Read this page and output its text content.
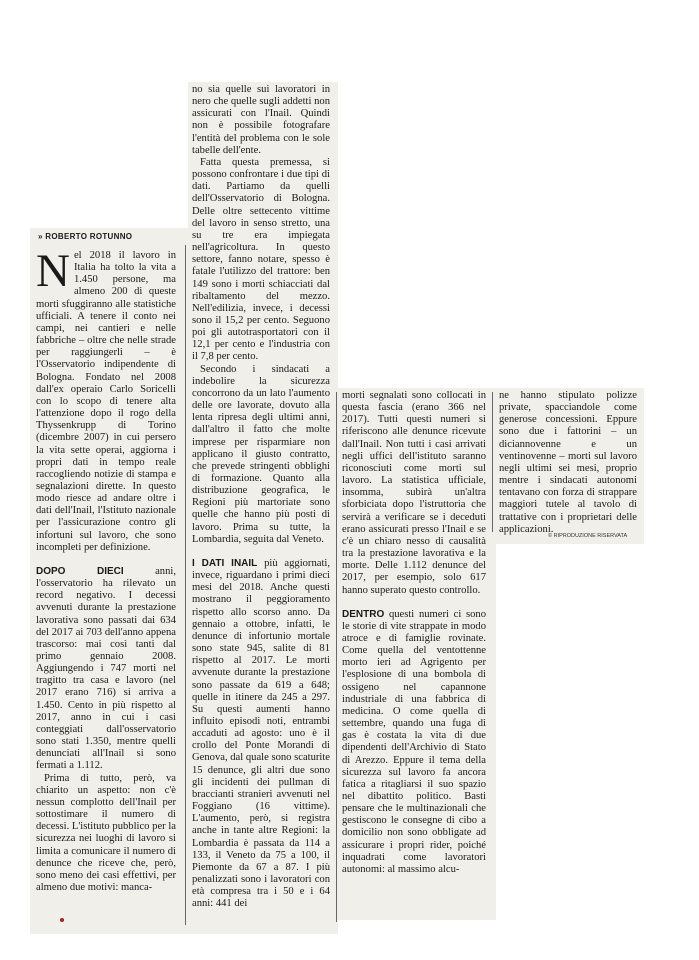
» ROBERTO ROTUNNO

Nel 2018 il lavoro in Italia ha tolto la vita a 1.450 persone, ma almeno 200 di queste morti sfuggiranno alle statistiche ufficiali. A tenere il conto nei campi, nei cantieri e nelle fabbriche – oltre che nelle strade per raggiungerli – è l'Osservatorio indipendente di Bologna. Fondato nel 2008 dall'ex operaio Carlo Soricelli con lo scopo di tenere alta l'attenzione dopo il rogo della Thyssenkrupp di Torino (dicembre 2007) in cui persero la vita sette operai, aggiorna i propri dati in tempo reale raccogliendo notizie di stampa e segnalazioni dirette. In questo modo riesce ad andare oltre i dati dell'Inail, l'Istituto nazionale per l'assicurazione contro gli infortuni sul lavoro, che sono incompleti per definizione.

DOPO DIECI	anni, l'osservatorio ha rilevato un record negativo. I decessi avvenuti durante la prestazione lavorativa sono passati dai 634 del 2017 ai 703 dell'anno appena trascorso: mai così tanti dal primo gennaio 2008. Aggiungendo i 747 morti nel tragitto tra casa e lavoro (nel 2017 erano 716) si arriva a 1.450. Cento in più rispetto al 2017, anno in cui i casi conteggiati dall'osservatorio sono stati 1.350, mentre quelli denunciati all'Inail si sono fermati a 1.112.

Prima di tutto, però, va chiarito un aspetto: non c'è nessun complotto dell'Inail per sottostimare il numero di decessi. L'istituto pubblico per la sicurezza nei luoghi di lavoro si limita a comunicare il numero di denunce che riceve che, però, sono meno dei casi effettivi, per almeno due motivi: manca-

no sia quelle sui lavoratori in nero che quelle sugli addetti non assicurati con l'Inail. Quindi non è possibile fotografare l'entità del problema con le sole tabelle dell'ente.

Fatta questa premessa, si possono confrontare i due tipi di dati. Partiamo da quelli dell'Osservatorio di Bologna. Delle oltre settecento vittime del lavoro in senso stretto, una su tre era impiegata nell'agricoltura. In questo settore, fanno notare, spesso è fatale l'utilizzo del trattore: ben 149 sono i morti schiacciati dal ribaltamento del mezzo. Nell'edilizia, invece, i decessi sono il 15,2 per cento. Seguono poi gli autotrasportatori con il 12,1 per cento e l'industria con il 7,8 per cento.

Secondo i sindacati a indebolire la sicurezza concorrono da un lato l'aumento delle ore lavorate, dovuto alla lenta ripresa degli ultimi anni, dall'altro il fatto che molte imprese per risparmiare non applicano il giusto contratto, che prevede stringenti obblighi di formazione. Quanto alla distribuzione geografica, le Regioni più martoriate sono quelle che hanno più posti di lavoro. Prima su tutte, la Lombardia, seguita dal Veneto.

I DATI INAIL più aggiornati, invece, riguardano i primi dieci mesi del 2018. Anche questi mostrano il peggioramento rispetto allo scorso anno. Da gennaio a ottobre, infatti, le denunce di infortunio mortale sono state 945, salite di 81 rispetto al 2017. Le morti avvenute durante la prestazione sono passate da 619 a 648; quelle in itinere da 245 a 297. Su questi aumenti hanno influito episodi noti, entrambi accaduti ad agosto: uno è il crollo del Ponte Morandi di Genova, dal quale sono scaturite 15 denunce, gli altri due sono gli incidenti dei pullman di braccianti stranieri avvenuti nel Foggiano (16 vittime). L'aumento, però, si registra anche in tante altre Regioni: la Lombardia è passata da 114 a 133, il Veneto da 75 a 100, il Piemonte da 67 a 87. I più penalizzati sono i lavoratori con età compresa tra i 50 e i 64 anni: 441 dei

morti segnalati sono collocati in questa fascia (erano 366 nel 2017). Tutti questi numeri si riferiscono alle denunce ricevute dall'Inail. Non tutti i casi arrivati negli uffici dell'istituto saranno riconosciuti come morti sul lavoro. La statistica ufficiale, insomma, subirà un'altra sforbiciata dopo l'istruttoria che servirà a verificare se i deceduti erano assicurati presso l'Inail e se c'è un chiaro nesso di causalità tra la prestazione lavorativa e la morte. Delle 1.112 denunce del 2017, per esempio, solo 617 hanno superato questo controllo.

DENTRO questi numeri ci sono le storie di vite strappate in modo atroce e di famiglie rovinate. Come quella del ventottenne morto ieri ad Agrigento per l'esplosione di una bombola di ossigeno nel capannone industriale di una fabbrica di medicina. O come quella di settembre, quando una fuga di gas è costata la vita di due dipendenti dell'Archivio di Stato di Arezzo. Eppure il tema della sicurezza sul lavoro fa ancora fatica a ritagliarsi il suo spazio nel dibattito politico. Basti pensare che le multinazionali che gestiscono le consegne di cibo a domicilio non sono obbligate ad assicurare i propri rider, poiché inquadrati come lavoratori autonomi: al massimo alcu-

ne hanno stipulato polizze private, spacciandole come generose concessioni. Eppure sono due i fattorini – un diciannovenne e un ventinovenne – morti sul lavoro negli ultimi sei mesi, proprio mentre i sindacati autonomi tentavano con forza di strappare maggiori tutele al tavolo di trattative con i proprietari delle applicazioni.

© RIPRODUZIONE RISERVATA
